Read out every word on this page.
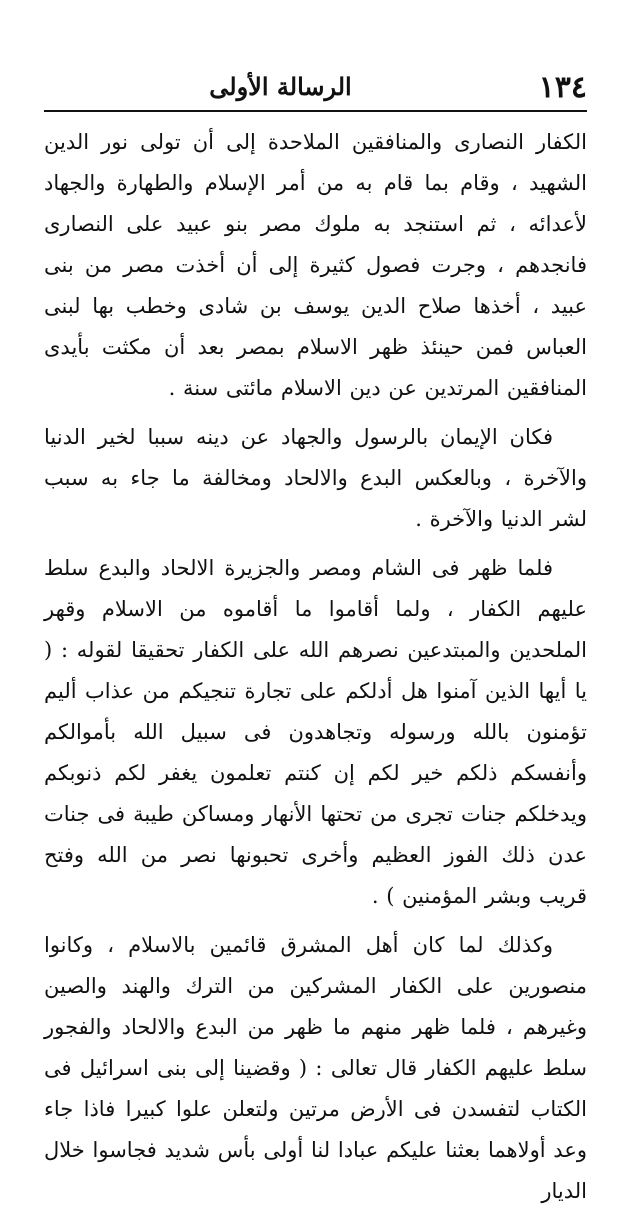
١٣٤
الرسالة الأولى

الكفار النصارى والمنافقين الملاحدة إلى أن تولى نور الدين الشهيد ، وقام بما قام به من أمر الإسلام والطهارة والجهاد لأعدائه ، ثم استنجد به ملوك مصر بنو عبيد على النصارى فانجدهم ، وجرت فصول كثيرة إلى أن أخذت مصر من بنى عبيد ، أخذها صلاح الدين يوسف بن شادى وخطب بها لبنى العباس فمن حينئذ ظهر الاسلام بمصر بعد أن مكثت بأيدى المنافقين المرتدين عن دين الاسلام مائتى سنة .

فكان الإيمان بالرسول والجهاد عن دينه سببا لخير الدنيا والآخرة ، وبالعكس البدع والالحاد ومخالفة ما جاء به سبب لشر الدنيا والآخرة .

فلما ظهر فى الشام ومصر والجزيرة الالحاد والبدع سلط عليهم الكفار ، ولما أقاموا ما أقاموه من الاسلام وقهر الملحدين والمبتدعين نصرهم الله على الكفار تحقيقا لقوله : ( يا أيها الذين آمنوا هل أدلكم على تجارة تنجيكم من عذاب أليم تؤمنون بالله ورسوله وتجاهدون فى سبيل الله بأموالكم وأنفسكم ذلكم خير لكم إن كنتم تعلمون يغفر لكم ذنوبكم ويدخلكم جنات تجرى من تحتها الأنهار ومساكن طيبة فى جنات عدن ذلك الفوز العظيم وأخرى تحبونها نصر من الله وفتح قريب وبشر المؤمنين ) .

وكذلك لما كان أهل المشرق قائمين بالاسلام ، وكانوا منصورين على الكفار المشركين من الترك والهند والصين وغيرهم ، فلما ظهر منهم ما ظهر من البدع والالحاد والفجور سلط عليهم الكفار قال تعالى : ( وقضينا إلى بنى اسرائيل فى الكتاب لتفسدن فى الأرض مرتين ولتعلن علوا كبيرا فاذا جاء وعد أولاهما بعثنا عليكم عبادا لنا أولى بأس شديد فجاسوا خلال الديار
